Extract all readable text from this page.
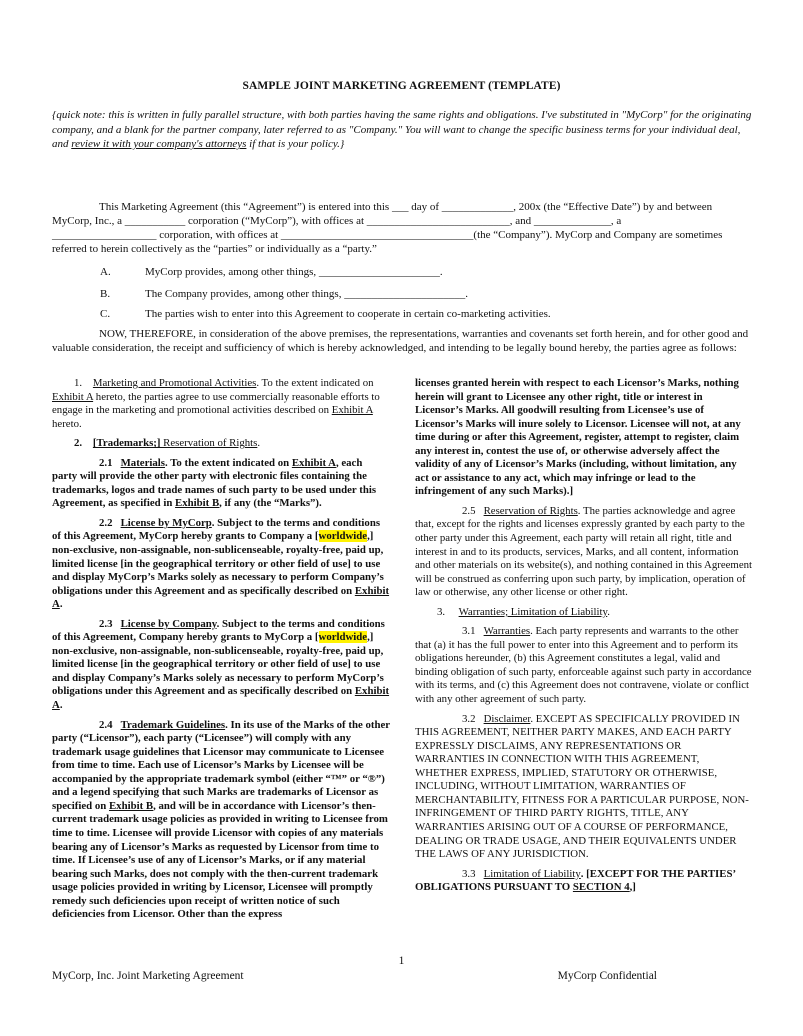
SAMPLE JOINT MARKETING AGREEMENT (TEMPLATE)
{quick note: this is written in fully parallel structure, with both parties having the same rights and obligations. I've substituted in "MyCorp" for the originating company, and a blank for the partner company, later referred to as "Company." You will want to change the specific business terms for your individual deal, and review it with your company's attorneys if that is your policy.}

This Marketing Agreement (this “Agreement”) is entered into this ___ day of _____________, 200x (the “Effective Date”) by and between

MyCorp, Inc., a ___________ corporation (“MyCorp”), with offices at __________________________, and ______________, a

___________________ corporation, with offices at ___________________________________(the “Company”). MyCorp and Company are sometimes

referred to herein collectively as the “parties” or individually as a “party.”

A.	MyCorp provides, among other things, ______________________.
B.	The Company provides, among other things, ______________________.
C.	The parties wish to enter into this Agreement to cooperate in certain co-marketing activities.

NOW, THEREFORE, in consideration of the above premises, the representations, warranties and covenants set forth herein, and for other good and valuable consideration, the receipt and sufficiency of which is hereby acknowledged, and intending to be legally bound hereby, the parties agree as follows:

1. Marketing and Promotional Activities. To the extent indicated on Exhibit A hereto, the parties agree to use commercially reasonable efforts to engage in the marketing and promotional activities described on Exhibit A hereto.

2. [Trademarks;] Reservation of Rights.

2.1 Materials. To the extent indicated on Exhibit A, each party will provide the other party with electronic files containing the trademarks, logos and trade names of such party to be used under this Agreement, as specified in Exhibit B, if any (the “Marks”).

2.2 License by MyCorp. Subject to the terms and conditions of this Agreement, MyCorp hereby grants to Company a [worldwide,] non-exclusive, non-assignable, non-sublicenseable, royalty-free, paid up, limited license [in the geographical territory or other field of use] to use and display MyCorp’s Marks solely as necessary to perform Company’s obligations under this Agreement and as specifically described on Exhibit A.

2.3 License by Company. Subject to the terms and conditions of this Agreement, Company hereby grants to MyCorp a [worldwide,] non-exclusive, non-assignable, non-sublicenseable, royalty-free, paid up, limited license [in the geographical territory or other field of use] to use and display Company’s Marks solely as necessary to perform MyCorp’s obligations under this Agreement and as specifically described on Exhibit A.

2.4 Trademark Guidelines. In its use of the Marks of the other party (“Licensor”), each party (“Licensee”) will comply with any trademark usage guidelines that Licensor may communicate to Licensee from time to time. Each use of Licensor’s Marks by Licensee will be accompanied by the appropriate trademark symbol (either “™” or “®”) and a legend specifying that such Marks are trademarks of Licensor as specified on Exhibit B, and will be in accordance with Licensor’s then-current trademark usage policies as provided in writing to Licensee from time to time. Licensee will provide Licensor with copies of any materials bearing any of Licensor’s Marks as requested by Licensor from time to time. If Licensee’s use of any of Licensor’s Marks, or if any material bearing such Marks, does not comply with the then-current trademark usage policies provided in writing by Licensor, Licensee will promptly remedy such deficiencies upon receipt of written notice of such deficiencies from Licensor. Other than the express

licenses granted herein with respect to each Licensor’s Marks, nothing herein will grant to Licensee any other right, title or interest in Licensor’s Marks. All goodwill resulting from Licensee’s use of Licensor’s Marks will inure solely to Licensor. Licensee will not, at any time during or after this Agreement, register, attempt to register, claim any interest in, contest the use of, or otherwise adversely affect the validity of any of Licensor’s Marks (including, without limitation, any act or assistance to any act, which may infringe or lead to the infringement of any such Marks).]

2.5 Reservation of Rights. The parties acknowledge and agree that, except for the rights and licenses expressly granted by each party to the other party under this Agreement, each party will retain all right, title and interest in and to its products, services, Marks, and all content, information and other materials on its website(s), and nothing contained in this Agreement will be construed as conferring upon such party, by implication, operation of law or otherwise, any other license or other right.

3. Warranties; Limitation of Liability.

3.1 Warranties. Each party represents and warrants to the other that (a) it has the full power to enter into this Agreement and to perform its obligations hereunder, (b) this Agreement constitutes a legal, valid and binding obligation of such party, enforceable against such party in accordance with its terms, and (c) this Agreement does not contravene, violate or conflict with any other agreement of such party.

3.2 Disclaimer. EXCEPT AS SPECIFICALLY PROVIDED IN THIS AGREEMENT, NEITHER PARTY MAKES, AND EACH PARTY EXPRESSLY DISCLAIMS, ANY REPRESENTATIONS OR WARRANTIES IN CONNECTION WITH THIS AGREEMENT, WHETHER EXPRESS, IMPLIED, STATUTORY OR OTHERWISE, INCLUDING, WITHOUT LIMITATION, WARRANTIES OF MERCHANTABILITY, FITNESS FOR A PARTICULAR PURPOSE, NON-INFRINGEMENT OF THIRD PARTY RIGHTS, TITLE, ANY WARRANTIES ARISING OUT OF A COURSE OF PERFORMANCE, DEALING OR TRADE USAGE, AND THEIR EQUIVALENTS UNDER THE LAWS OF ANY JURISDICTION.

3.3 Limitation of Liability. [EXCEPT FOR THE PARTIES’ OBLIGATIONS PURSUANT TO SECTION 4,]

1
MyCorp, Inc. Joint Marketing Agreement	MyCorp Confidential
